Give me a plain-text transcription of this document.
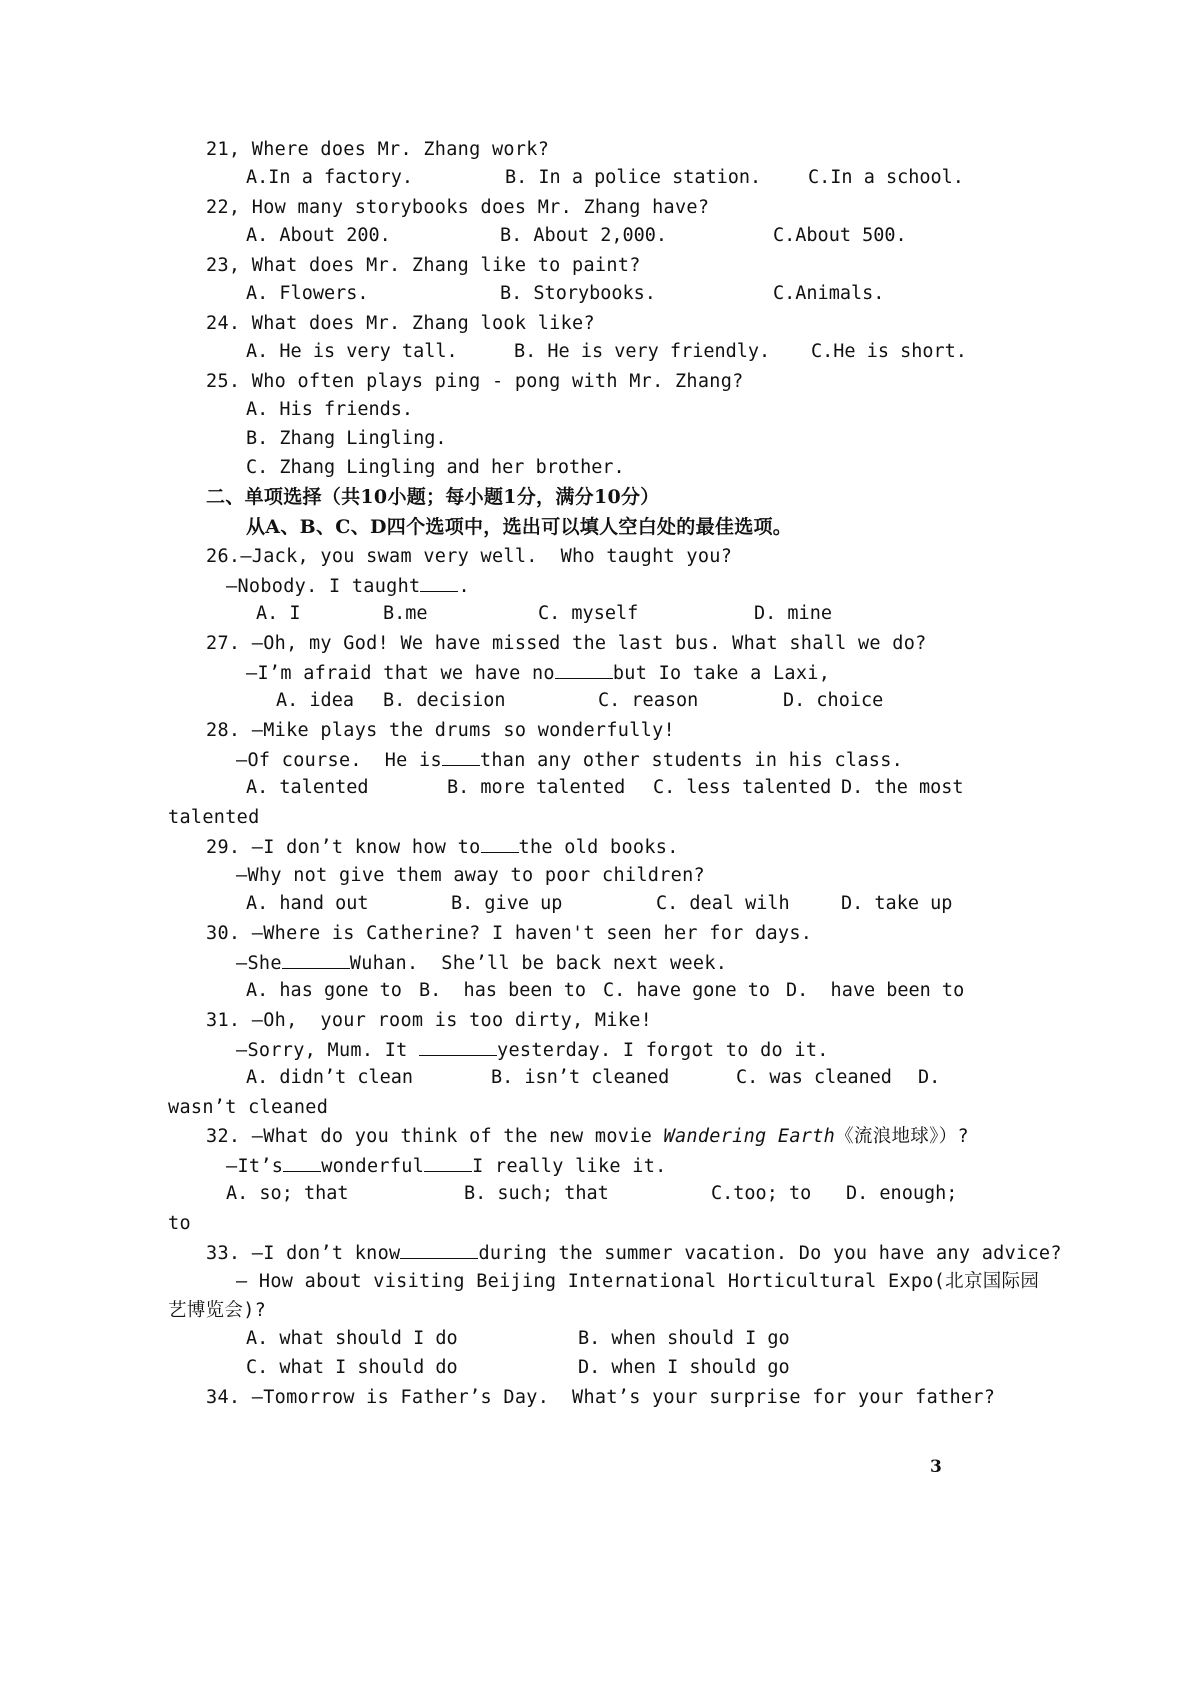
21, Where does Mr. Zhang work?
A.In a factory.	B. In a police station.	C.In a school.
22, How many storybooks does Mr. Zhang have?
A. About 200.	B. About 2,000.	C.About 500.
23, What does Mr. Zhang like to paint?
A. Flowers.	B. Storybooks.	C.Animals.
24. What does Mr. Zhang look like?
A. He is very tall.	B. He is very friendly. C.He is short.
25. Who often plays ping - pong with Mr. Zhang?
A. His friends.
B. Zhang Lingling.
C. Zhang Lingling and her brother.
二、单项选择（共10小题；每小题1分，满分10分）
从A、B、C、D四个选项中，选出可以填人空白处的最佳选项。
26.—Jack, you swam very well.  Who taught you?
—Nobody. I taught .
A. I	B.me	C. myself	D. mine
27. —Oh, my God! We have missed the last bus. What shall we do?
—I’m afraid that we have no	but Io take a Laxi,
A. idea B. decision	C. reason	D. choice
28. —Mike plays the drums so wonderfully!
—Of course.  He is than any other students in his class.
A. talented	B. more talented C. less talented D. the most
talented
29. —I don’t know how to the old books.
—Why not give them away to poor children?
A. hand out	B. give up	C. deal wilh	D. take up
30. —Where is Catherine? I haven't seen her for days.
—She	Wuhan.  She’ll be back next week.
A. has gone to B.  has been to C. have gone to D.  have been to
31. —Oh,  your room is too dirty, Mike!
—Sorry, Mum. It	yesterday. I forgot to do it.
A. didn’t clean	B. isn’t cleaned	C. was cleaned D.
wasn’t cleaned
32. —What do you think of the new movie Wandering Earth《流浪地球》）?
—It’s wonderful	I really like it.
A. so; that	B. such; that	C.too; to D. enough;
to
33. —I don’t know	during the summer vacation. Do you have any advice?
— How about visiting Beijing International Horticultural Expo(北京国际园
艺博览会)?
A. what should I do	B. when should I go
C. what I should do	D. when I should go
34. —Tomorrow is Father’s Day.  What’s your surprise for your father?
3
